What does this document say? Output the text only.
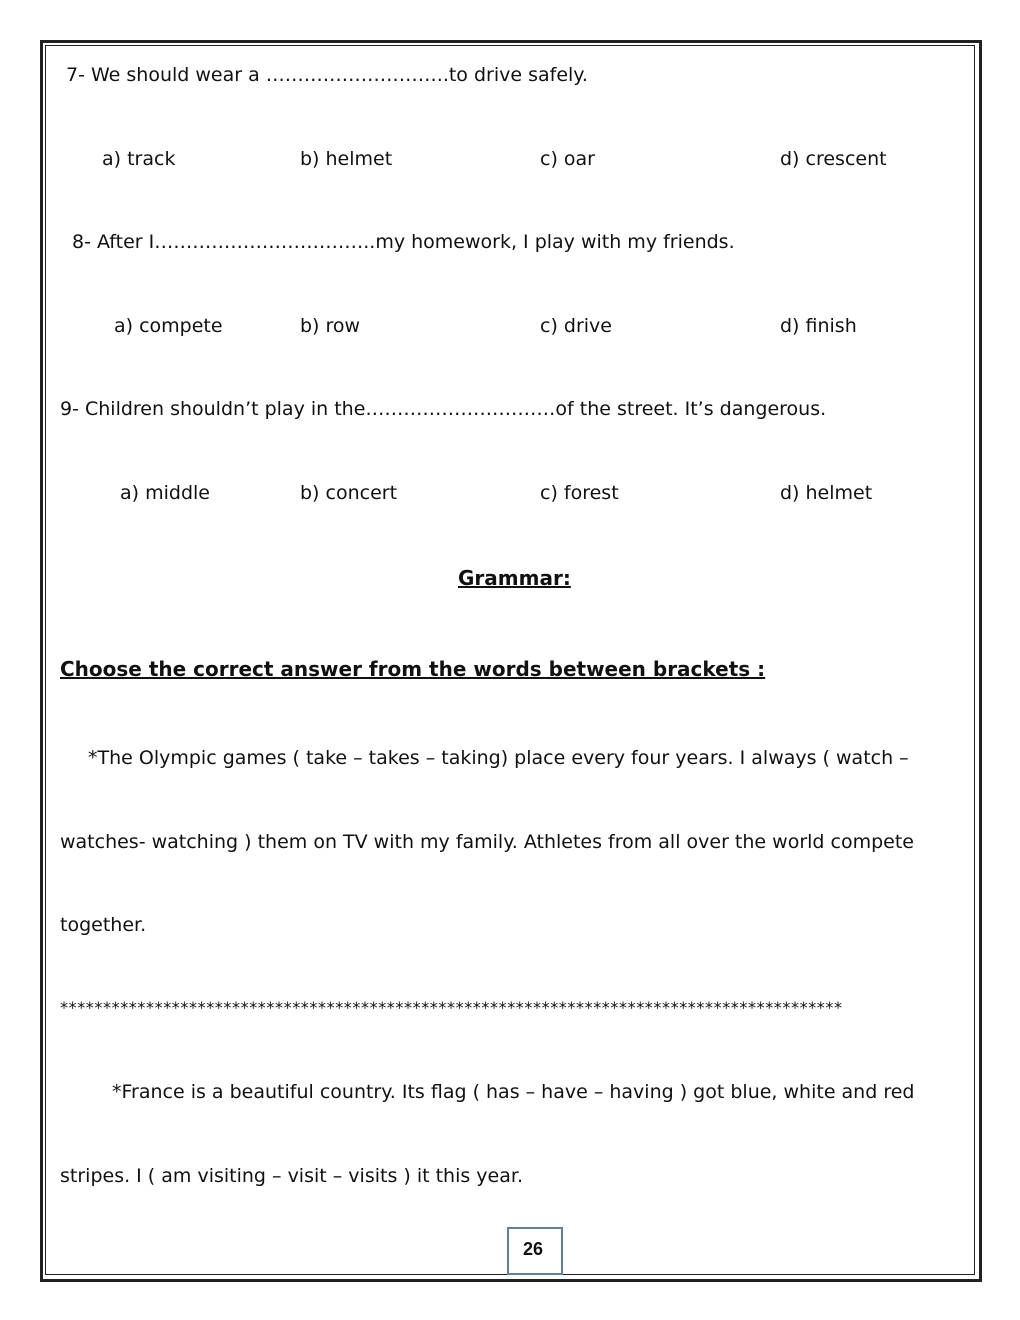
7- We should wear a ………………………..to drive safely.
a) track	b) helmet	c) oar	d) crescent
8- After I……………………………..my homework, I play with my friends.
a) compete	b) row	c) drive	d) finish
9- Children shouldn’t play in the…………………………of the street. It’s dangerous.
a) middle	b) concert	c) forest	d) helmet
Grammar:
Choose the correct answer from the words between brackets :
*The Olympic games ( take – takes – taking) place every four years. I always ( watch –
watches- watching ) them on TV with my family. Athletes from all over the world compete
together.
*******************************************************************************************
*France is a beautiful country. Its flag ( has – have – having ) got blue, white and red
stripes. I ( am visiting – visit – visits ) it this year.
26
